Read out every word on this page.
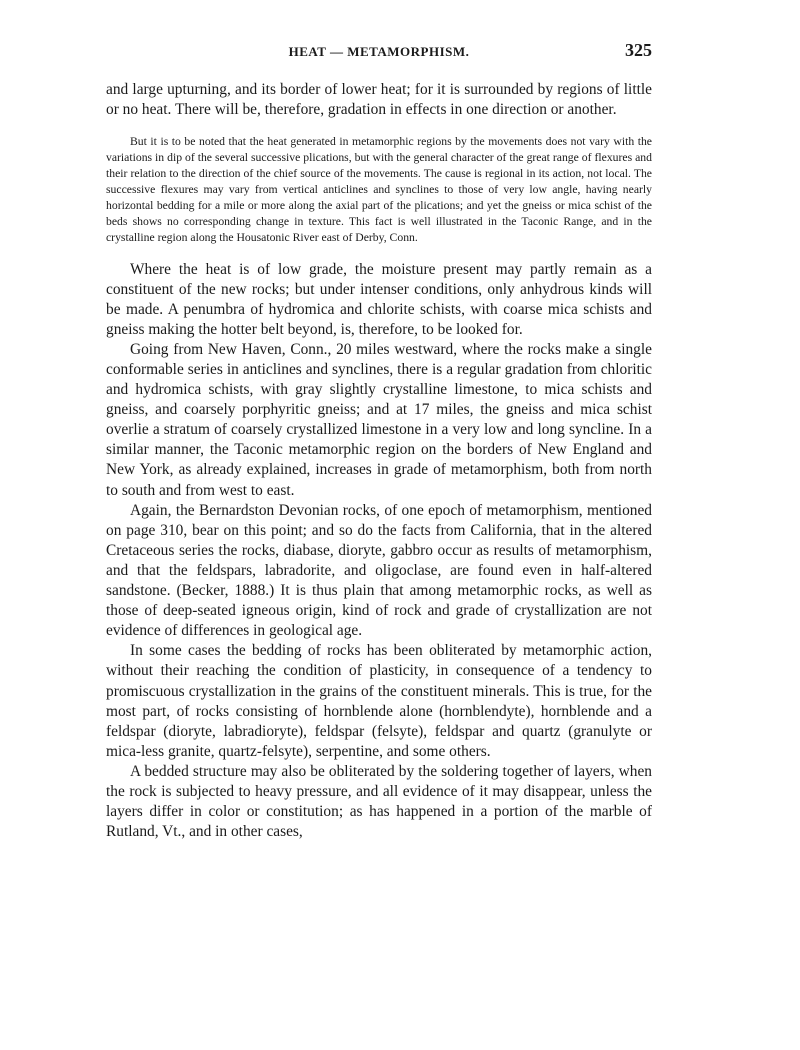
HEAT — METAMORPHISM.	325

and large upturning, and its border of lower heat; for it is surrounded by regions of little or no heat. There will be, therefore, gradation in effects in one direction or another.

But it is to be noted that the heat generated in metamorphic regions by the movements does not vary with the variations in dip of the several successive plications, but with the general character of the great range of flexures and their relation to the direction of the chief source of the movements. The cause is regional in its action, not local. The successive flexures may vary from vertical anticlines and synclines to those of very low angle, having nearly horizontal bedding for a mile or more along the axial part of the plications; and yet the gneiss or mica schist of the beds shows no corresponding change in texture. This fact is well illustrated in the Taconic Range, and in the crystalline region along the Housatonic River east of Derby, Conn.

Where the heat is of low grade, the moisture present may partly remain as a constituent of the new rocks; but under intenser conditions, only anhydrous kinds will be made. A penumbra of hydromica and chlorite schists, with coarse mica schists and gneiss making the hotter belt beyond, is, therefore, to be looked for.

Going from New Haven, Conn., 20 miles westward, where the rocks make a single conformable series in anticlines and synclines, there is a regular gradation from chloritic and hydromica schists, with gray slightly crystalline limestone, to mica schists and gneiss, and coarsely porphyritic gneiss; and at 17 miles, the gneiss and mica schist overlie a stratum of coarsely crystallized limestone in a very low and long syncline. In a similar manner, the Taconic metamorphic region on the borders of New England and New York, as already explained, increases in grade of metamorphism, both from north to south and from west to east.

Again, the Bernardston Devonian rocks, of one epoch of metamorphism, mentioned on page 310, bear on this point; and so do the facts from California, that in the altered Cretaceous series the rocks, diabase, dioryte, gabbro occur as results of metamorphism, and that the feldspars, labradorite, and oligoclase, are found even in half-altered sandstone. (Becker, 1888.) It is thus plain that among metamorphic rocks, as well as those of deep-seated igneous origin, kind of rock and grade of crystallization are not evidence of differences in geological age.

In some cases the bedding of rocks has been obliterated by metamorphic action, without their reaching the condition of plasticity, in consequence of a tendency to promiscuous crystallization in the grains of the constituent minerals. This is true, for the most part, of rocks consisting of hornblende alone (hornblendyte), hornblende and a feldspar (dioryte, labradioryte), feldspar (felsyte), feldspar and quartz (granulyte or mica-less granite, quartz-felsyte), serpentine, and some others.

A bedded structure may also be obliterated by the soldering together of layers, when the rock is subjected to heavy pressure, and all evidence of it may disappear, unless the layers differ in color or constitution; as has happened in a portion of the marble of Rutland, Vt., and in other cases,
